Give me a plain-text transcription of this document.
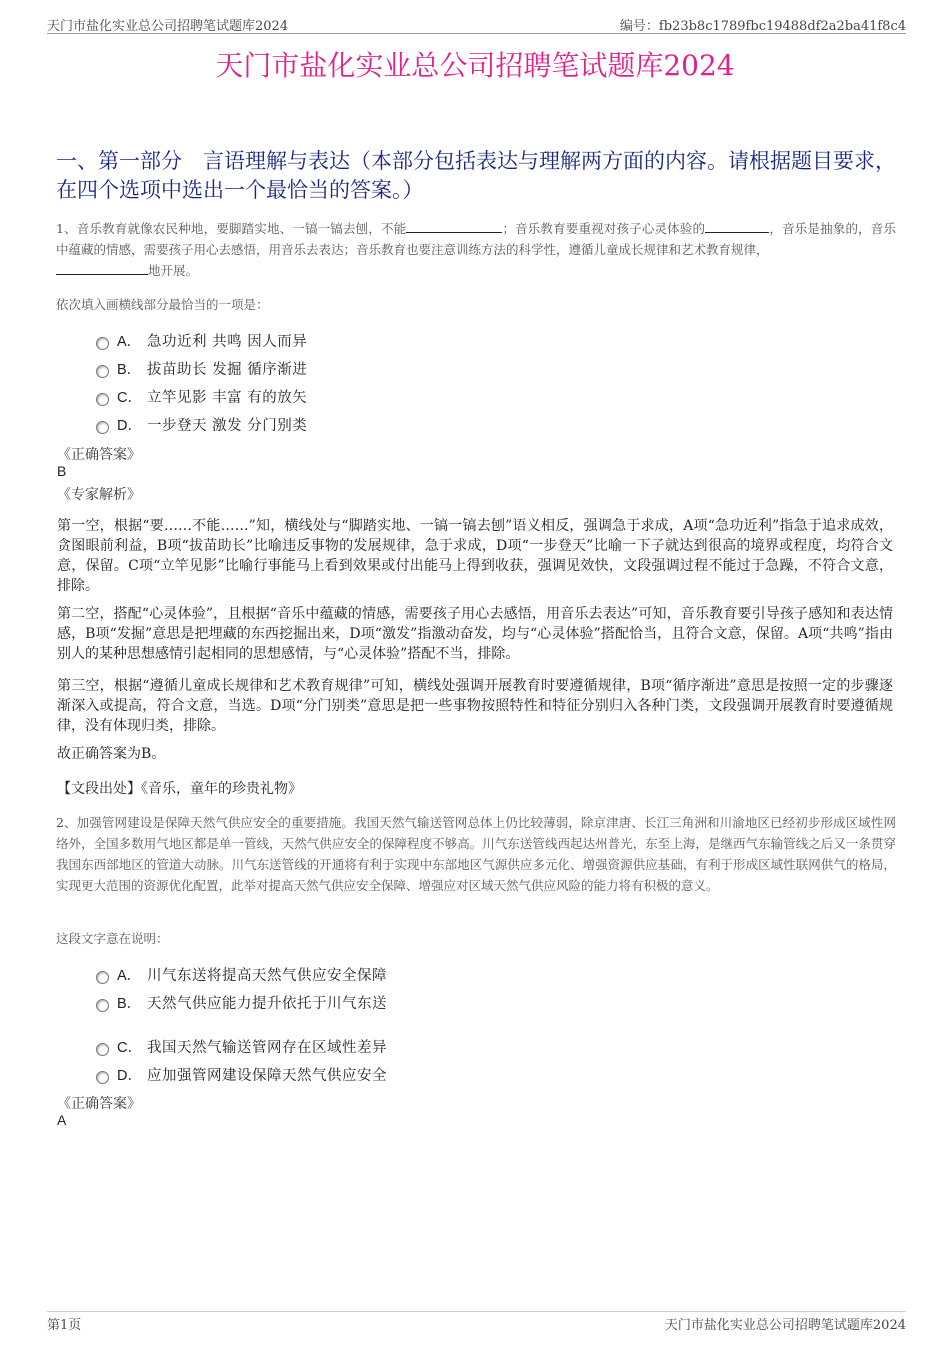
天门市盐化实业总公司招聘笔试题库2024	编号：fb23b8c1789fbc19488df2a2ba41f8c4
天门市盐化实业总公司招聘笔试题库2024
一、第一部分　言语理解与表达（本部分包括表达与理解两方面的内容。请根据题目要求，在四个选项中选出一个最恰当的答案。）
1、音乐教育就像农民种地，要脚踏实地、一镐一镐去刨，不能	；音乐教育要重视对孩子心灵体验的	，音乐是抽象的，音乐中蕴藏的情感，需要孩子用心去感悟，用音乐去表达；音乐教育也要注意训练方法的科学性，遵循儿童成长规律和艺术教育规律，
地开展。
依次填入画横线部分最恰当的一项是：
A． 急功近利 共鸣 因人而异
B． 拔苗助长 发掘 循序渐进
C． 立竿见影 丰富 有的放矢
D． 一步登天 激发 分门别类
《正确答案》
B
《专家解析》
第一空，根据“要……不能……”知，横线处与“脚踏实地、一镐一镐去刨”语义相反，强调急于求成，A项“急功近利”指急于追求成效，贪图眼前利益，B项“拔苗助长”比喻违反事物的发展规律，急于求成，D项“一步登天”比喻一下子就达到很高的境界或程度，均符合文意，保留。C项“立竿见影”比喻行事能马上看到效果或付出能马上得到收获，强调见效快，文段强调过程不能过于急躁，不符合文意，排除。
第二空，搭配“心灵体验”，且根据“音乐中蕴藏的情感，需要孩子用心去感悟，用音乐去表达”可知，音乐教育要引导孩子感知和表达情感，B项“发掘”意思是把埋藏的东西挖掘出来，D项“激发”指激动奋发，均与“心灵体验”搭配恰当，且符合文意，保留。A项“共鸣”指由别人的某种思想感情引起相同的思想感情，与“心灵体验”搭配不当，排除。
第三空，根据“遵循儿童成长规律和艺术教育规律”可知，横线处强调开展教育时要遵循规律，B项“循序渐进”意思是按照一定的步骤逐渐深入或提高，符合文意，当选。D项“分门别类”意思是把一些事物按照特性和特征分别归入各种门类，文段强调开展教育时要遵循规律，没有体现归类，排除。
故正确答案为B。
【文段出处】《音乐，童年的珍贵礼物》
2、加强管网建设是保障天然气供应安全的重要措施。我国天然气输送管网总体上仍比较薄弱，除京津唐、长江三角洲和川渝地区已经初步形成区域性网络外，全国多数用气地区都是单一管线，天然气供应安全的保障程度不够高。川气东送管线西起达州普光，东至上海，是继西气东输管线之后又一条贯穿我国东西部地区的管道大动脉。川气东送管线的开通将有利于实现中东部地区气源供应多元化、增强资源供应基础，有利于形成区域性联网供气的格局，实现更大范围的资源优化配置，此举对提高天然气供应安全保障、增强应对区域天然气供应风险的能力将有积极的意义。
这段文字意在说明：
A． 川气东送将提高天然气供应安全保障
B． 天然气供应能力提升依托于川气东送
C． 我国天然气输送管网存在区域性差异
D． 应加强管网建设保障天然气供应安全
《正确答案》
A
第1页	天门市盐化实业总公司招聘笔试题库2024
